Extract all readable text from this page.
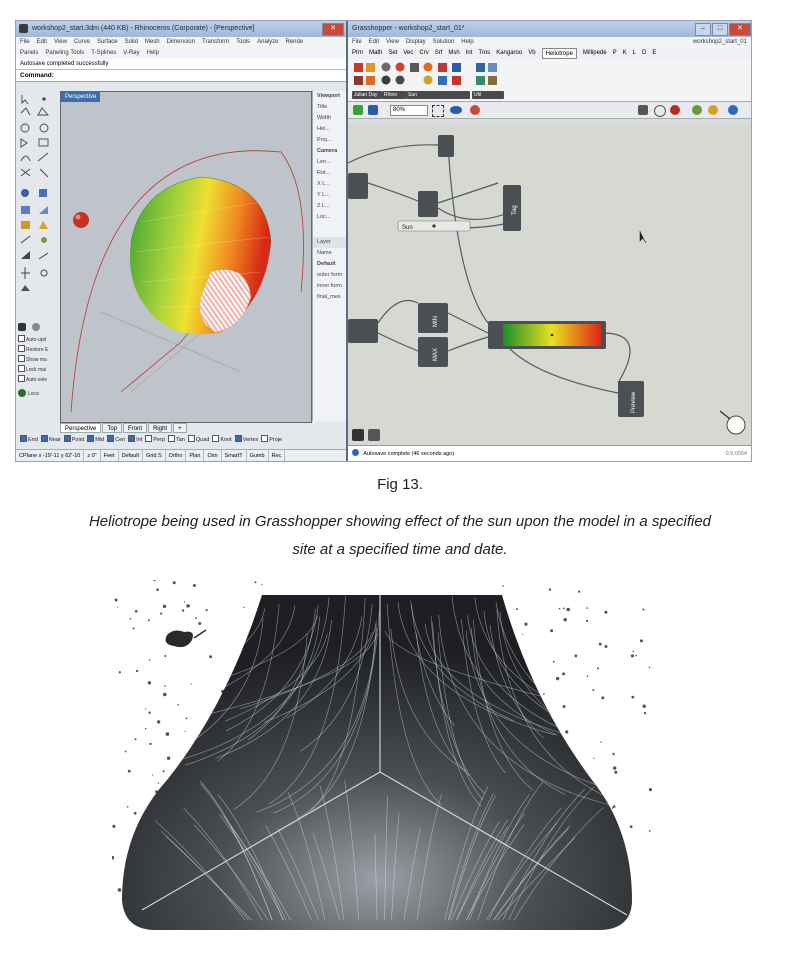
workshop2_start.3dm (440 KB) - Rhinoceros (Corporate) - [Perspective]	✕
File Edit View Curve Surface Solid Mesh Dimension Transform Tools Analyze Rende
Panels Paneling Tools T-Splines V-Ray Help
Autosave completed successfully
Command:
Auto-upd
Restore E
Show ma
Lock mai
Auto-sele
Loca
Perspective	Viewport
Title
Width
Hei...
Proj...
Camera
Len...
Rot...
X L...
Y L...
Z L...
Loc...
Layer
Name
Default
outer form
inner form
final_mes
Perspective	Top	Front	Right	+
End	Near	Point	Mid	Cen	Int	Perp	Tan	Quad	Knot	Vertex	Proje
CPlane x -19'-11 y 62'-10	z 0"	Feet	Default	Grid S	Ortho	Plan	Osn	SmartT	Gumb	Rec
Grasshopper - workshop2_start_01*	–	□	✕
File Edit View Display Solution Help	workshop2_start_01
Prm Math Set Vec Crv Srf Msh Int Trns Kangaroo Vb	Heliotrope	Millipede P K L D E
Julian Day	Rhino	Sun	Util
80%
Tag
MIN
MAX
Preview
Sun
Autosave complete (46 seconds ago)	0.9.0064
Fig 13.
Heliotrope being used in Grasshopper showing effect of the sun upon the model in a specified
site at a specified time and date.
